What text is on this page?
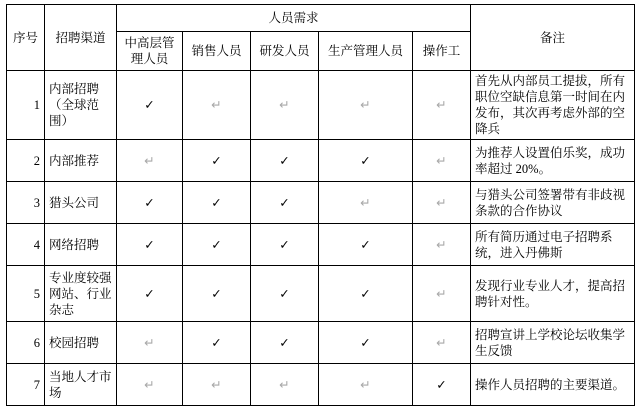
序号	招聘渠道	人员需求					备注
		中高层管理人员	销售人员	研发人员	生产管理人员	操作工	
1	内部招聘（全球范围）	✓	↵	↵	↵	↵	首先从内部员工提拔，所有职位空缺信息第一时间在内发布，其次再考虑外部的空降兵
2	内部推荐	↵	✓	✓	✓	↵	为推荐人设置伯乐奖，成功率超过 20%。
3	猎头公司	✓	✓	✓	↵	↵	与猎头公司签署带有非歧视条款的合作协议
4	网络招聘	✓	✓	✓	✓	↵	所有简历通过电子招聘系统，进入丹佛斯
5	专业度较强网站、行业杂志	✓	✓	✓	✓	↵	发现行业专业人才，提高招聘针对性。
6	校园招聘	↵	✓	✓	✓	↵	招聘宣讲上学校论坛收集学生反馈
7	当地人才市场	↵	↵	↵	↵	✓	操作人员招聘的主要渠道。
